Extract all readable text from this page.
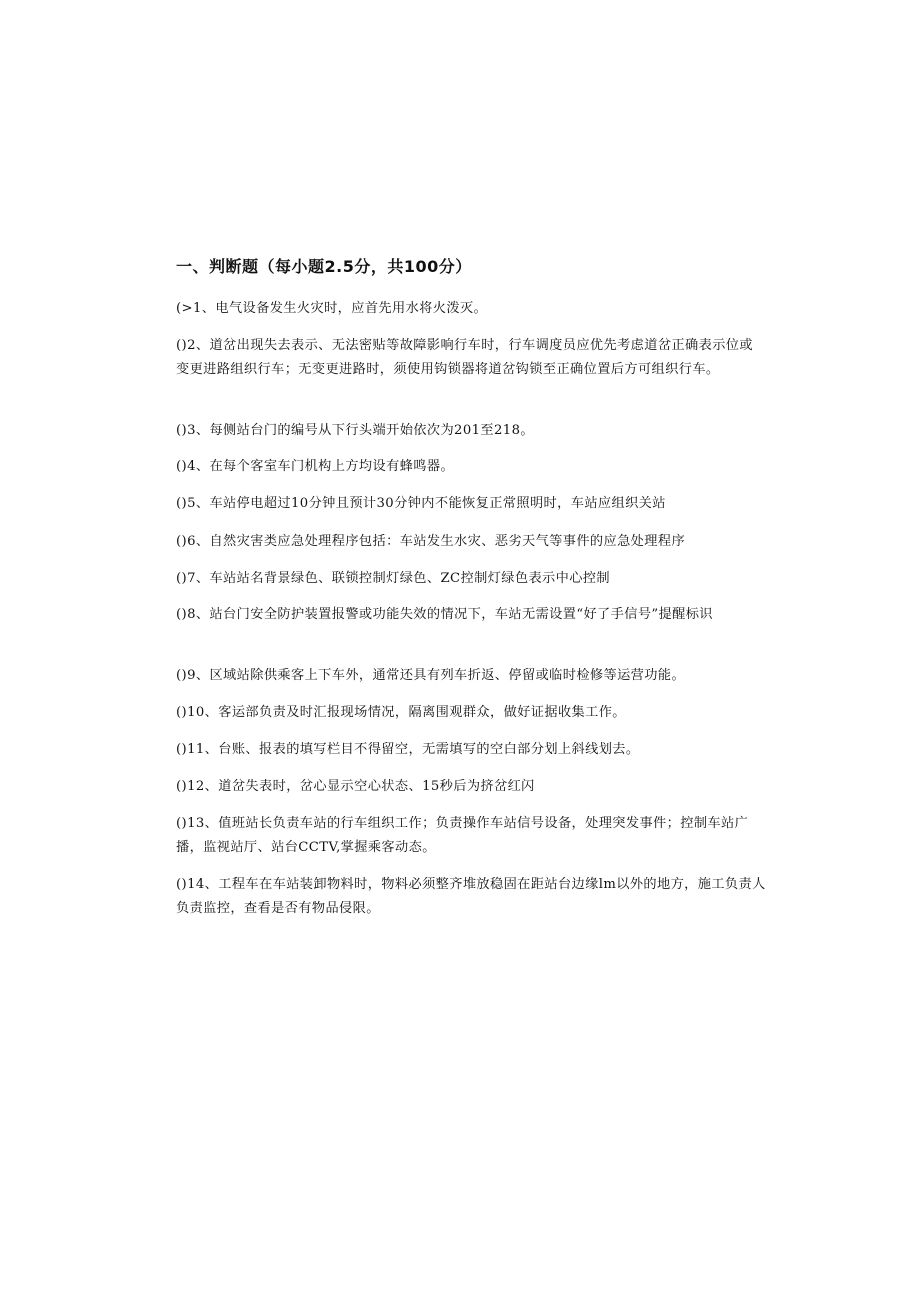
一、判断题（每小题2.5分，共100分）
(>1、电气设备发生火灾时，应首先用水将火泼灭。
()2、道岔出现失去表示、无法密贴等故障影响行车时，行车调度员应优先考虑道岔正确表示位或变更进路组织行车；无变更进路时，须使用钩锁器将道岔钩锁至正确位置后方可组织行车。
()3、每侧站台门的编号从下行头端开始依次为201至218。
()4、在每个客室车门机构上方均设有蜂鸣器。
()5、车站停电超过10分钟且预计30分钟内不能恢复正常照明时，车站应组织关站
()6、自然灾害类应急处理程序包括：车站发生水灾、恶劣天气等事件的应急处理程序
()7、车站站名背景绿色、联锁控制灯绿色、ZC控制灯绿色表示中心控制
()8、站台门安全防护装置报警或功能失效的情况下，车站无需设置“好了手信号”提醒标识
()9、区域站除供乘客上下车外，通常还具有列车折返、停留或临时检修等运营功能。
()10、客运部负责及时汇报现场情况，隔离围观群众，做好证据收集工作。
()11、台账、报表的填写栏目不得留空，无需填写的空白部分划上斜线划去。
()12、道岔失表时，岔心显示空心状态、15秒后为挤岔红闪
()13、值班站长负责车站的行车组织工作；负责操作车站信号设备，处理突发事件；控制车站广播，监视站厅、站台CCTV,掌握乘客动态。
()14、工程车在车站装卸物料时，物料必须整齐堆放稳固在距站台边缘lm以外的地方，施工负责人负责监控，查看是否有物品侵限。
